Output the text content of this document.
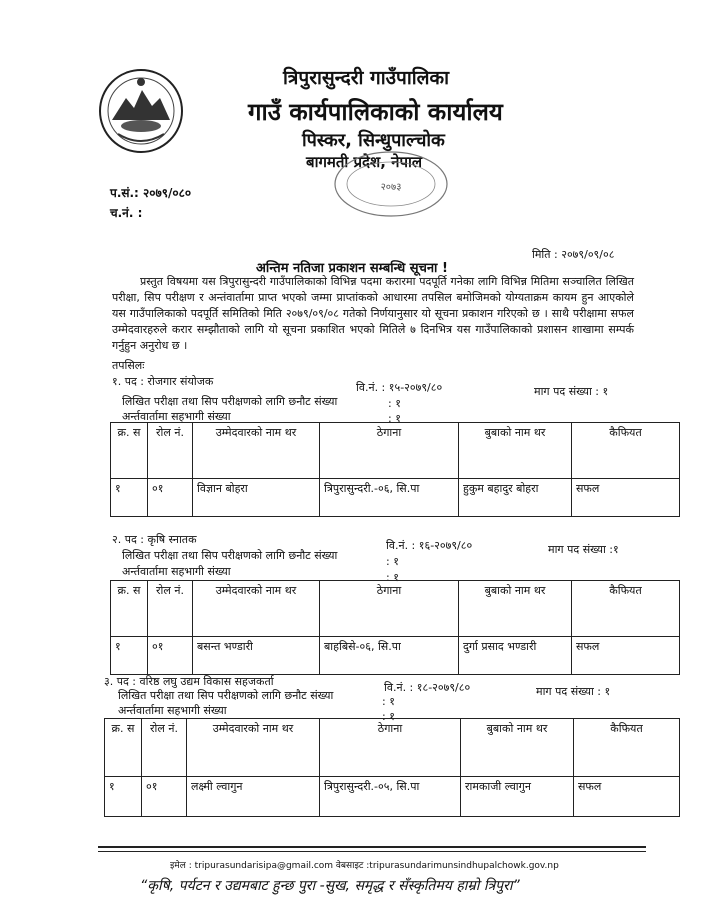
त्रिपुरासुन्दरी गाउँपालिका
गाउँ कार्यपालिकाको कार्यालय
पिस्कर, सिन्धुपाल्चोक
बागमती प्रदेश, नेपाल
२०७३
प.सं.: २०७९/०८०
च.नं. :
मिति : २०७९/०९/०८
अन्तिम नतिजा प्रकाशन सम्बन्धि सूचना !
प्रस्तुत विषयमा यस त्रिपुरासुन्दरी गाउँपालिकाको विभिन्न पदमा करारमा पदपूर्ति गनेका लागि विभिन्न मितिमा सञ्चालित लिखित परीक्षा, सिप परीक्षण र अन्तंवार्तामा प्राप्त भएको जम्मा प्राप्तांकको आधारमा तपसिल बमोजिमको योग्यताक्रम कायम हुन आएकोले यस गाउँपालिकाको पदपूर्ति समितिको मिति २०७९/०९/०८ गतेको निर्णयानुसार यो सूचना प्रकाशन गरिएको छ । साथै परीक्षामा सफल उम्मेदवारहरुले करार सम्झौताको लागि यो सूचना प्रकाशित भएको मितिले ७ दिनभित्र यस गाउँपालिकाको प्रशासन शाखामा सम्पर्क गर्नुहुन अनुरोध छ ।
तपसिलः
१. पद : रोजगार संयोजक	वि.नं. : १५-२०७९/८०	माग पद संख्या : १
लिखित परीक्षा तथा सिप परीक्षणको लागि छनौट संख्या	: १
अर्न्तवार्तामा सहभागी संख्या	: १
क्र. स	रोल नं.	उम्मेदवारको नाम थर	ठेगाना	बुबाको नाम थर	कैफियत
१	०१	विज्ञान बोहरा	त्रिपुरासुन्दरी.-०६, सि.पा	हुकुम बहादुर बोहरा	सफल
२. पद : कृषि स्नातक	वि.नं. : १६-२०७९/८०	माग पद संख्या :१
लिखित परीक्षा तथा सिप परीक्षणको लागि छनौट संख्या	: १
अर्न्तवार्तामा सहभागी संख्या	: १
क्र. स	रोल नं.	उम्मेदवारको नाम थर	ठेगाना	बुबाको नाम थर	कैफियत
१	०१	बसन्त भण्डारी	बाहबिसे-०६, सि.पा	दुर्गा प्रसाद भण्डारी	सफल
३. पद : वरिष्ठ लघु उद्यम विकास सहजकर्ता	वि.नं. : १८-२०७९/८०	माग पद संख्या : १
लिखित परीक्षा तथा सिप परीक्षणको लागि छनौट संख्या	: १
अर्न्तवार्तामा सहभागी संख्या	: १
क्र. स	रोल नं.	उम्मेदवारको नाम थर	ठेगाना	बुबाको नाम थर	कैफियत
१	०१	लक्ष्मी ल्वागुन	त्रिपुरासुन्दरी.-०५, सि.पा	रामकाजी ल्वागुन	सफल
इमेल : tripurasundarisipa@gmail.com वेबसाइट :tripurasundarimunsindhupalchowk.gov.np
“कृषि, पर्यटन र उद्यमबाट हुन्छ पुरा -सुख, समृद्ध र सँस्कृतिमय हाम्रो त्रिपुरा”
